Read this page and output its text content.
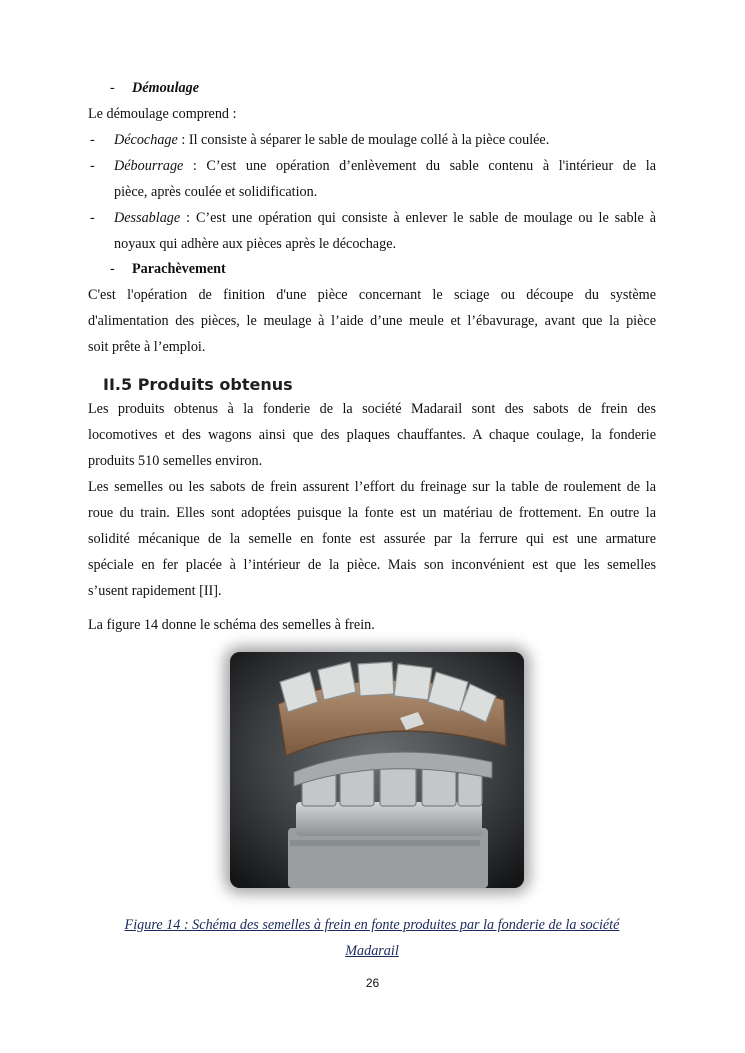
- Démoulage
Le démoulage comprend :
- Décochage : Il consiste à séparer le sable de moulage collé à la pièce coulée.
- Débourrage : C’est une opération d’enlèvement du sable contenu à l'intérieur de la
pièce, après coulée et solidification.
- Dessablage : C’est une opération qui consiste à enlever le sable de moulage ou le sable à
noyaux qui adhère aux pièces après le décochage.
- Parachèvement
C'est l'opération de finition d'une pièce concernant le sciage ou découpe du système
d'alimentation des pièces, le meulage à l’aide d’une meule et l’ébavurage, avant que la pièce
soit prête à l’emploi.
II.5 Produits obtenus
Les produits obtenus à la fonderie de la société Madarail sont des sabots de frein des
locomotives et des wagons ainsi que des plaques chauffantes. A chaque coulage, la fonderie
produits 510 semelles environ.
Les semelles ou les sabots de frein assurent l’effort du freinage sur la table de roulement de la
roue du train. Elles sont adoptées puisque la fonte est un matériau de frottement. En outre la
solidité mécanique de la semelle en fonte est assurée par la ferrure qui est une armature
spéciale en fer placée à l’intérieur de la pièce. Mais son inconvénient est que les semelles
s’usent rapidement [II].
La figure 14 donne le schéma des semelles à frein.
Figure 14 : Schéma des semelles à frein en fonte produites par la fonderie de la société
Madarail
26
